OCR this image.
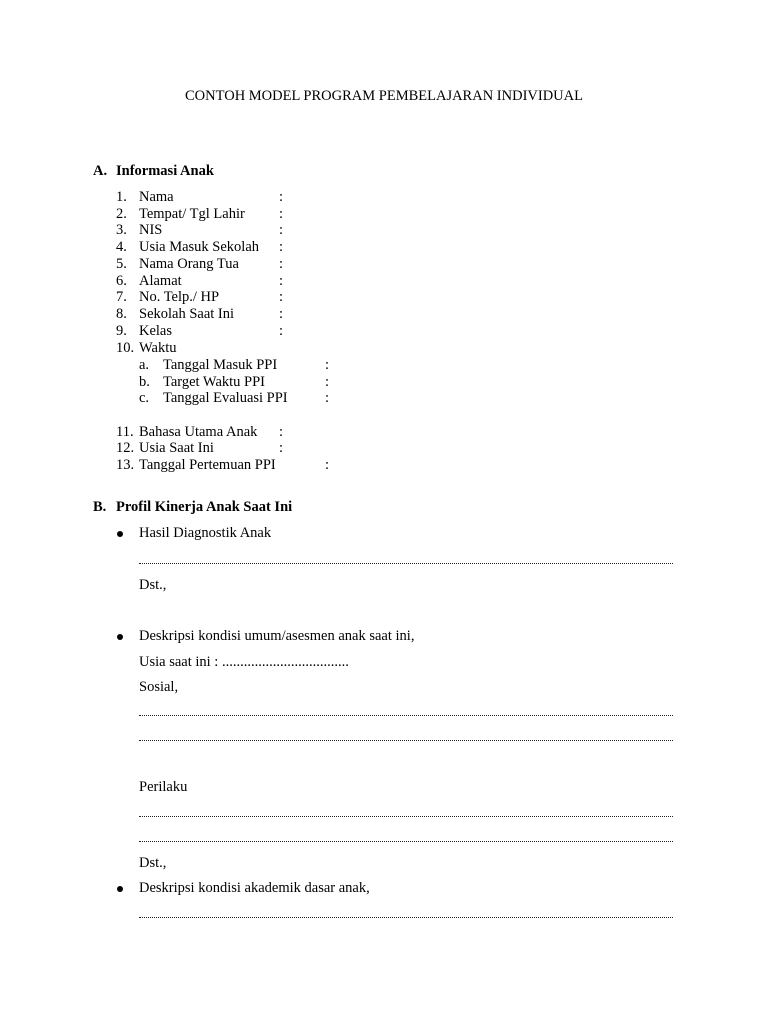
CONTOH MODEL PROGRAM PEMBELAJARAN INDIVIDUAL
A. Informasi Anak
1. Nama	:
2. Tempat/ Tgl Lahir :
3. NIS	:
4. Usia Masuk Sekolah :
5. Nama Orang Tua	:
6. Alamat	:
7. No. Telp./ HP	:
8. Sekolah Saat Ini	:
9. Kelas	:
10. Waktu
a. Tanggal Masuk PPI	:
b. Target Waktu PPI	:
c. Tanggal Evaluasi PPI	:
11. Bahasa Utama Anak :
12. Usia Saat Ini	:
13. Tanggal Pertemuan PPI	:
B. Profil Kinerja Anak Saat Ini
Hasil Diagnostik Anak
Dst.,
Deskripsi kondisi umum/asesmen anak saat ini,
Usia saat ini : ...................................
Sosial,
Perilaku
Dst.,
Deskripsi kondisi akademik dasar anak,
